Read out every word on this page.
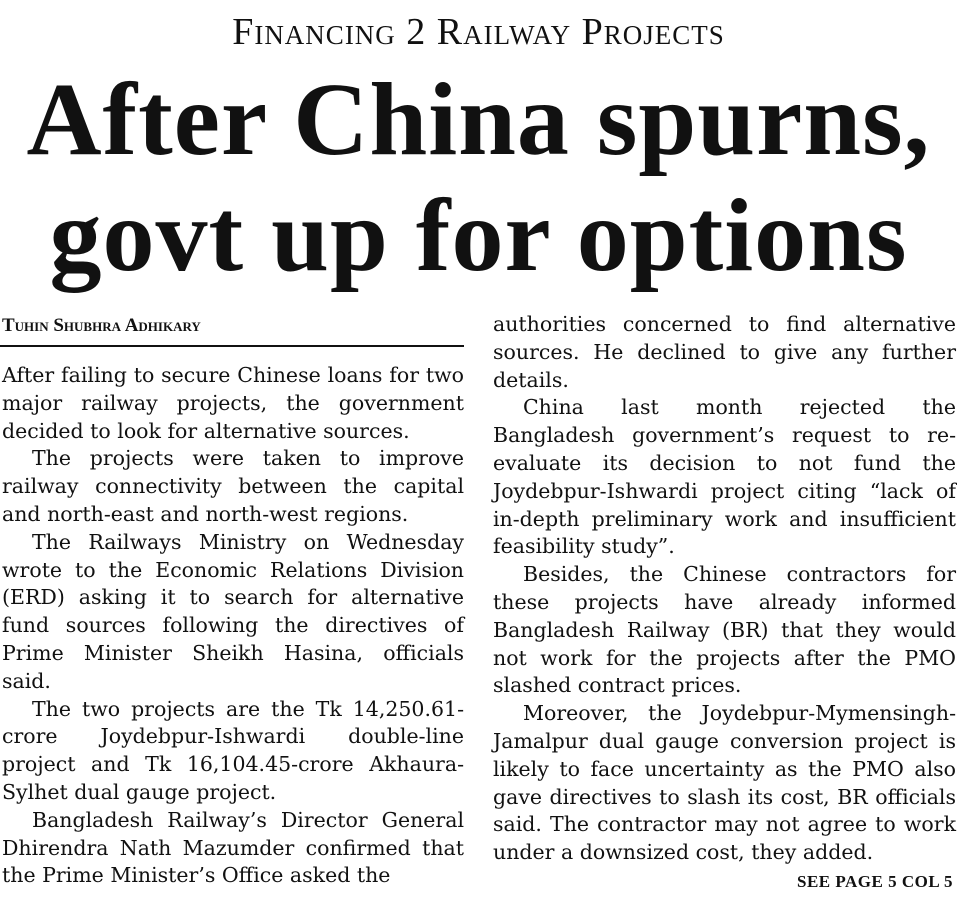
Financing 2 Railway Projects
After China spurns,
govt up for options
Tuhin Shubhra Adhikary

After failing to secure Chinese loans for two major railway projects, the government decided to look for alternative sources.

The projects were taken to improve railway connectivity between the capital and north-east and north-west regions.

The Railways Ministry on Wednesday wrote to the Economic Relations Division (ERD) asking it to search for alternative fund sources following the directives of Prime Minister Sheikh Hasina, officials said.

The two projects are the Tk 14,250.61-crore Joydebpur-Ishwardi double-line project and Tk 16,104.45-crore Akhaura-Sylhet dual gauge project.

Bangladesh Railway’s Director General Dhirendra Nath Mazumder confirmed that the Prime Minister’s Office asked the

authorities concerned to find alternative sources. He declined to give any further details.

China last month rejected the Bangladesh government’s request to re-evaluate its decision to not fund the Joydebpur-Ishwardi project citing “lack of in-depth preliminary work and insufficient feasibility study”.

Besides, the Chinese contractors for these projects have already informed Bangladesh Railway (BR) that they would not work for the projects after the PMO slashed contract prices.

Moreover, the Joydebpur-Mymensingh-Jamalpur dual gauge conversion project is likely to face uncertainty as the PMO also gave directives to slash its cost, BR officials said. The contractor may not agree to work under a downsized cost, they added.

SEE PAGE 5 COL 5
